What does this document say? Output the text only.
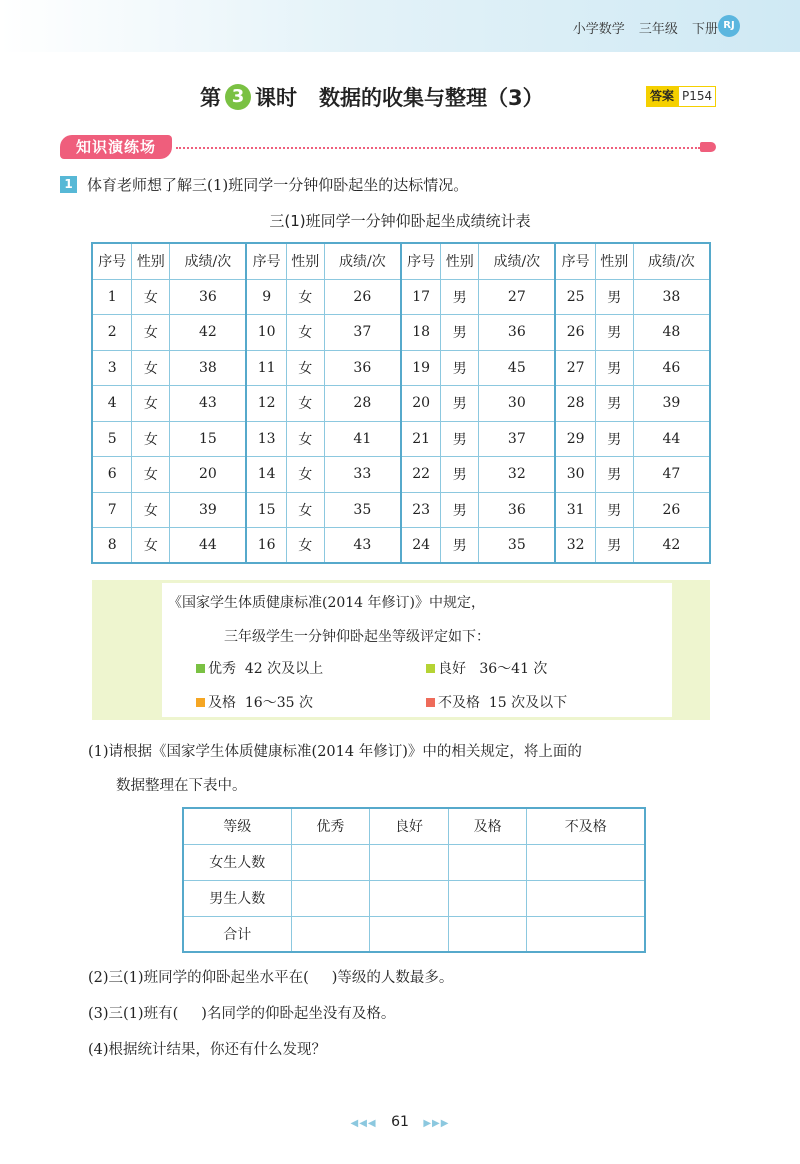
小学数学 三年级 下册 RJ
第 3 课时 数据的收集与整理（3）	答案 P154
知识演练场
1 体育老师想了解三(1)班同学一分钟仰卧起坐的达标情况。
三(1)班同学一分钟仰卧起坐成绩统计表
序号	性别	成绩/次	序号	性别	成绩/次	序号	性别	成绩/次	序号	性别	成绩/次
1	女	36	9	女	26	17	男	27	25	男	38
2	女	42	10	女	37	18	男	36	26	男	48
3	女	38	11	女	36	19	男	45	27	男	46
4	女	43	12	女	28	20	男	30	28	男	39
5	女	15	13	女	41	21	男	37	29	男	44
6	女	20	14	女	33	22	男	32	30	男	47
7	女	39	15	女	35	23	男	36	31	男	26
8	女	44	16	女	43	24	男	35	32	男	42
《国家学生体质健康标准(2014 年修订)》中规定，
三年级学生一分钟仰卧起坐等级评定如下：
优秀 42 次及以上	良好 36～41 次
及格 16～35 次	不及格 15 次及以下
(1)请根据《国家学生体质健康标准(2014 年修订)》中的相关规定，将上面的
数据整理在下表中。
等级	优秀	良好	及格	不及格
女生人数				
男生人数				
合计				
(2)三(1)班同学的仰卧起坐水平在(     )等级的人数最多。
(3)三(1)班有(     )名同学的仰卧起坐没有及格。
(4)根据统计结果，你还有什么发现？
◀◀◀ 61 ▶▶▶
